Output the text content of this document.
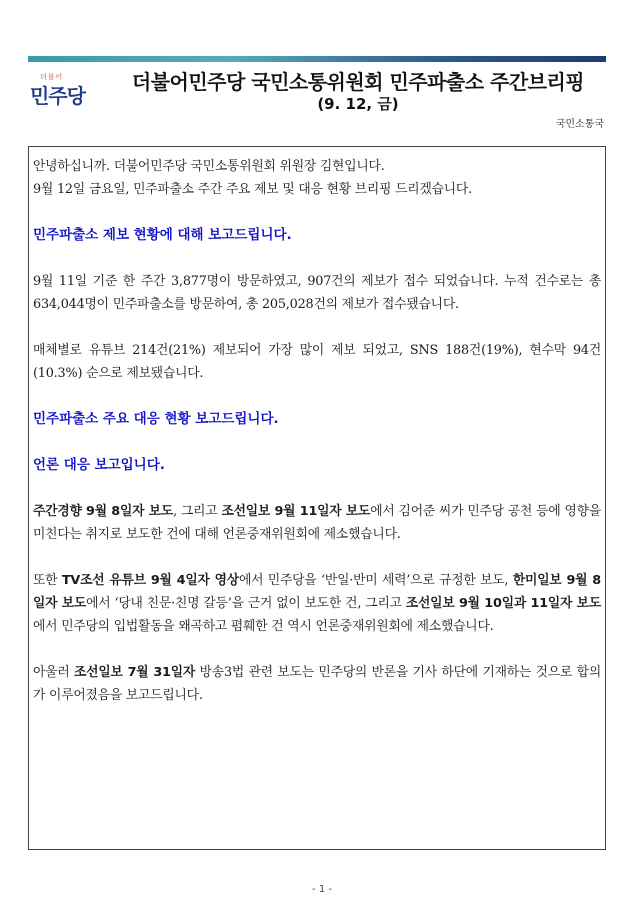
더불어
민주당
더불어민주당 국민소통위원회 민주파출소 주간브리핑
(9. 12, 금)
국민소통국

안녕하십니까. 더불어민주당 국민소통위원회 위원장 김현입니다.

9월 12일 금요일, 민주파출소 주간 주요 제보 및 대응 현황 브리핑 드리겠습니다.

민주파출소 제보 현황에 대해 보고드립니다.

9월 11일 기준 한 주간 3,877명이 방문하였고, 907건의 제보가 접수 되었습니다. 누적 건수로는 총 634,044명이 민주파출소를 방문하여, 총 205,028건의 제보가 접수됐습니다.

매체별로 유튜브 214건(21%) 제보되어 가장 많이 제보 되었고, SNS 188건(19%), 현수막 94건(10.3%) 순으로 제보됐습니다.

민주파출소 주요 대응 현황 보고드립니다.

언론 대응 보고입니다.

주간경향 9월 8일자 보도, 그리고 조선일보 9월 11일자 보도에서 김어준 씨가 민주당 공천 등에 영향을 미친다는 취지로 보도한 건에 대해 언론중재위원회에 제소했습니다.

또한 TV조선 유튜브 9월 4일자 영상에서 민주당을 ‘반일·반미 세력’으로 규정한 보도, 한미일보 9월 8일자 보도에서 ‘당내 친문·친명 갈등’을 근거 없이 보도한 건, 그리고 조선일보 9월 10일과 11일자 보도에서 민주당의 입법활동을 왜곡하고 폄훼한 건 역시 언론중재위원회에 제소했습니다.

아울러 조선일보 7월 31일자 방송3법 관련 보도는 민주당의 반론을 기사 하단에 기재하는 것으로 합의가 이루어졌음을 보고드립니다.

- 1 -
